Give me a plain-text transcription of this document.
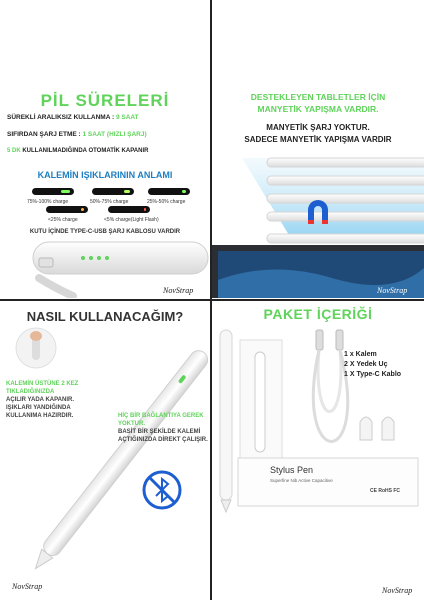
PİL SÜRELERİ
SÜREKLİ ARALIKSIZ KULLANMA : 9 SAAT
SIFIRDAN ŞARJ ETME : 1 SAAT (HIZLI ŞARJ)
5 DK KULLANILMADIĞINDA OTOMATİK KAPANIR
KALEMİN IŞIKLARININ ANLAMI
75%-100% charge	50%-75% charge	25%-50% charge
<25% charge	<5% charge(Light Flash)
KUTU İÇİNDE TYPE-C-USB ŞARJ KABLOSU VARDIR
NovStrap
DESTEKLEYEN TABLETLER İÇİN
MANYETİK YAPIŞMA VARDIR.
MANYETİK ŞARJ YOKTUR.
SADECE MANYETİK YAPIŞMA VARDIR
NovStrap
NASIL KULLANACAĞIM?
KALEMİN ÜSTÜNE 2 KEZ TIKLADIĞINIZDA
AÇILIR YADA KAPANIR. IŞIKLARI YANDIĞINDA KULLANIMA HAZIRDIR.	HİÇ BİR BAĞLANTIYA GEREK YOKTUR.
BASİT BİR ŞEKİLDE KALEMİ AÇTIĞINIZDA DİREKT ÇALIŞIR.
NovStrap
PAKET İÇERİĞİ
1 x Kalem
2 X Yedek Uç
1 X Type-C Kablo
Stylus Pen
Superfine Nib Active Capacitive
CE RoHS FC
NovStrap
